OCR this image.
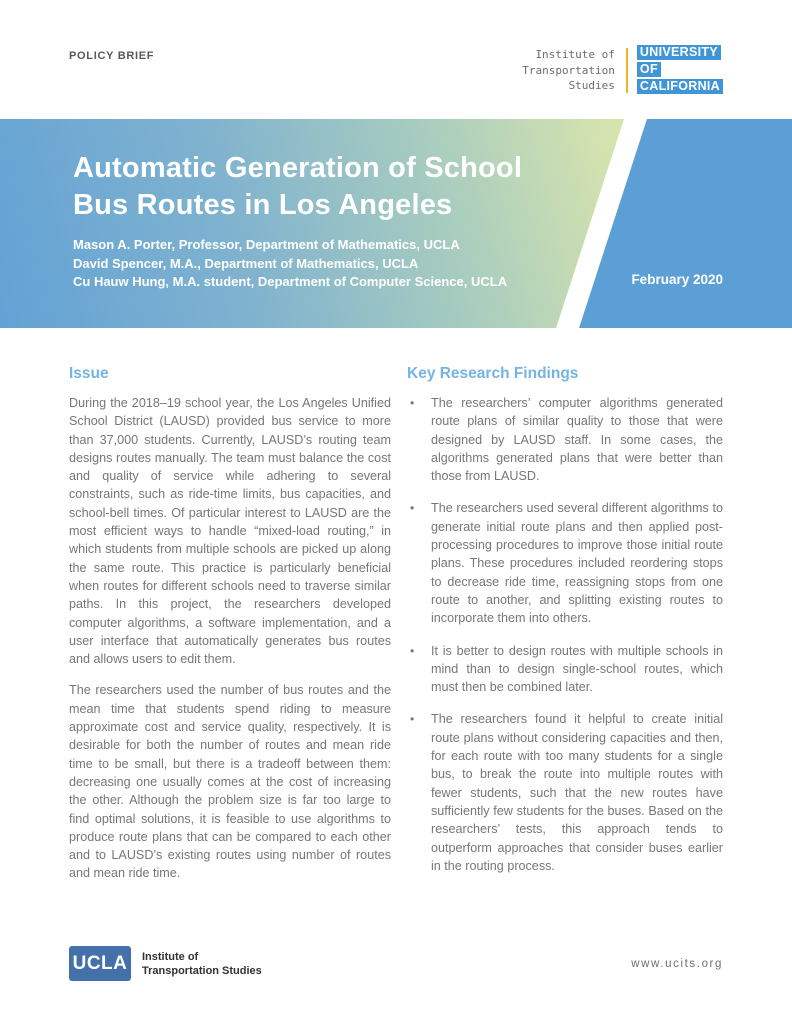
POLICY BRIEF	Institute of
Transportation
Studies
UNIVERSITY
OF
CALIFORNIA
Automatic Generation of School
Bus Routes in Los Angeles
Mason A. Porter, Professor, Department of Mathematics, UCLA
David Spencer, M.A., Department of Mathematics, UCLA
Cu Hauw Hung, M.A. student, Department of Computer Science, UCLA	February 2020
Issue

During the 2018–19 school year, the Los Angeles Unified School District (LAUSD) provided bus service to more than 37,000 students. Currently, LAUSD’s routing team designs routes manually. The team must balance the cost and quality of service while adhering to several constraints, such as ride-time limits, bus capacities, and school-bell times. Of particular interest to LAUSD are the most efficient ways to handle “mixed-load routing,” in which students from multiple schools are picked up along the same route. This practice is particularly beneficial when routes for different schools need to traverse similar paths. In this project, the researchers developed computer algorithms, a software implementation, and a user interface that automatically generates bus routes and allows users to edit them.

The researchers used the number of bus routes and the mean time that students spend riding to measure approximate cost and service quality, respectively. It is desirable for both the number of routes and mean ride time to be small, but there is a tradeoff between them: decreasing one usually comes at the cost of increasing the other. Although the problem size is far too large to find optimal solutions, it is feasible to use algorithms to produce route plans that can be compared to each other and to LAUSD’s existing routes using number of routes and mean ride time.

Key Research Findings
•	The researchers’ computer algorithms generated route plans of similar quality to those that were designed by LAUSD staff. In some cases, the algorithms generated plans that were better than those from LAUSD.
•	The researchers used several different algorithms to generate initial route plans and then applied post-processing procedures to improve those initial route plans. These procedures included reordering stops to decrease ride time, reassigning stops from one route to another, and splitting existing routes to incorporate them into others.
•	It is better to design routes with multiple schools in mind than to design single-school routes, which must then be combined later.
•	The researchers found it helpful to create initial route plans without considering capacities and then, for each route with too many students for a single bus, to break the route into multiple routes with fewer students, such that the new routes have sufficiently few students for the buses. Based on the researchers’ tests, this approach tends to outperform approaches that consider buses earlier in the routing process.
UCLA	Institute of
Transportation Studies
www.ucits.org
